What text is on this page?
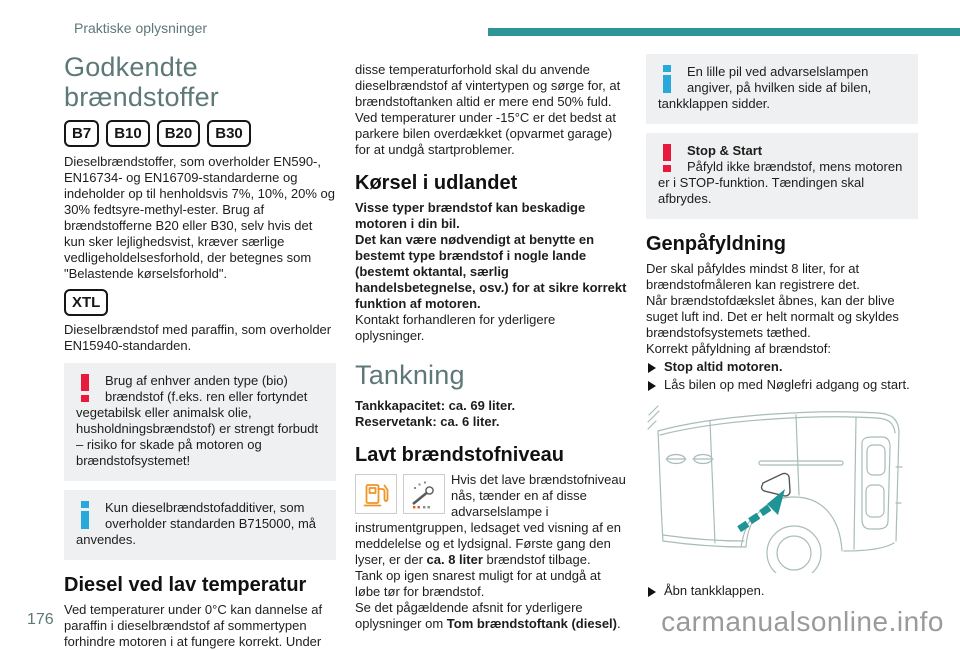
Praktiske oplysninger
Godkendte brændstoffer
B7	B10	B20	B30

Dieselbrændstoffer, som overholder EN590-, EN16734- og EN16709-standarderne og indeholder op til henholdsvis 7%, 10%, 20% og 30% fedtsyre-methyl-ester. Brug af brændstofferne B20 eller B30, selv hvis det kun sker lejlighedsvist, kræver særlige vedligeholdelsesforhold, der betegnes som "Belastende kørselsforhold".

XTL

Dieselbrændstof med paraffin, som overholder EN15940-standarden.

Brug af enhver anden type (bio) brændstof (f.eks. ren eller fortyndet vegetabilsk eller animalsk olie, husholdningsbrændstof) er strengt forbudt – risiko for skade på motoren og brændstofsystemet!
Kun dieselbrændstofadditiver, som overholder standarden B715000, må anvendes.
Diesel ved lav temperatur

Ved temperaturer under 0°C kan dannelse af paraffin i dieselbrændstof af sommertypen forhindre motoren i at fungere korrekt. Under

disse temperaturforhold skal du anvende dieselbrændstof af vintertypen og sørge for, at brændstoftanken altid er mere end 50% fuld. Ved temperaturer under -15°C er det bedst at parkere bilen overdækket (opvarmet garage) for at undgå startproblemer.

Kørsel i udlandet

Visse typer brændstof kan beskadige motoren i din bil.

Det kan være nødvendigt at benytte en bestemt type brændstof i nogle lande (bestemt oktantal, særlig handelsbetegnelse, osv.) for at sikre korrekt funktion af motoren.

Kontakt forhandleren for yderligere oplysninger.

Tankning

Tankkapacitet: ca. 69 liter.

Reservetank: ca. 6 liter.

Lavt brændstofniveau
Hvis det lave brændstofniveau nås, tænder en af disse advarselslampe i instrumentgruppen, ledsaget ved visning af en meddelelse og et lydsignal. Første gang den lyser, er der ca. 8 liter brændstof tilbage.

Tank op igen snarest muligt for at undgå at løbe tør for brændstof.

Se det pågældende afsnit for yderligere oplysninger om Tom brændstoftank (diesel).

En lille pil ved advarselslampen angiver, på hvilken side af bilen, tankklappen sidder.
Stop & Start
Påfyld ikke brændstof, mens motoren er i STOP-funktion. Tændingen skal afbrydes.
Genpåfyldning

Der skal påfyldes mindst 8 liter, for at brændstofmåleren kan registrere det.

Når brændstofdækslet åbnes, kan der blive suget luft ind. Det er helt normalt og skyldes brændstofsystemets tæthed.

Korrekt påfyldning af brændstof:

Stop altid motoren.
Lås bilen op med Nøglefri adgang og start.
Åbn tankklappen.
176	carmanualsonline.info
